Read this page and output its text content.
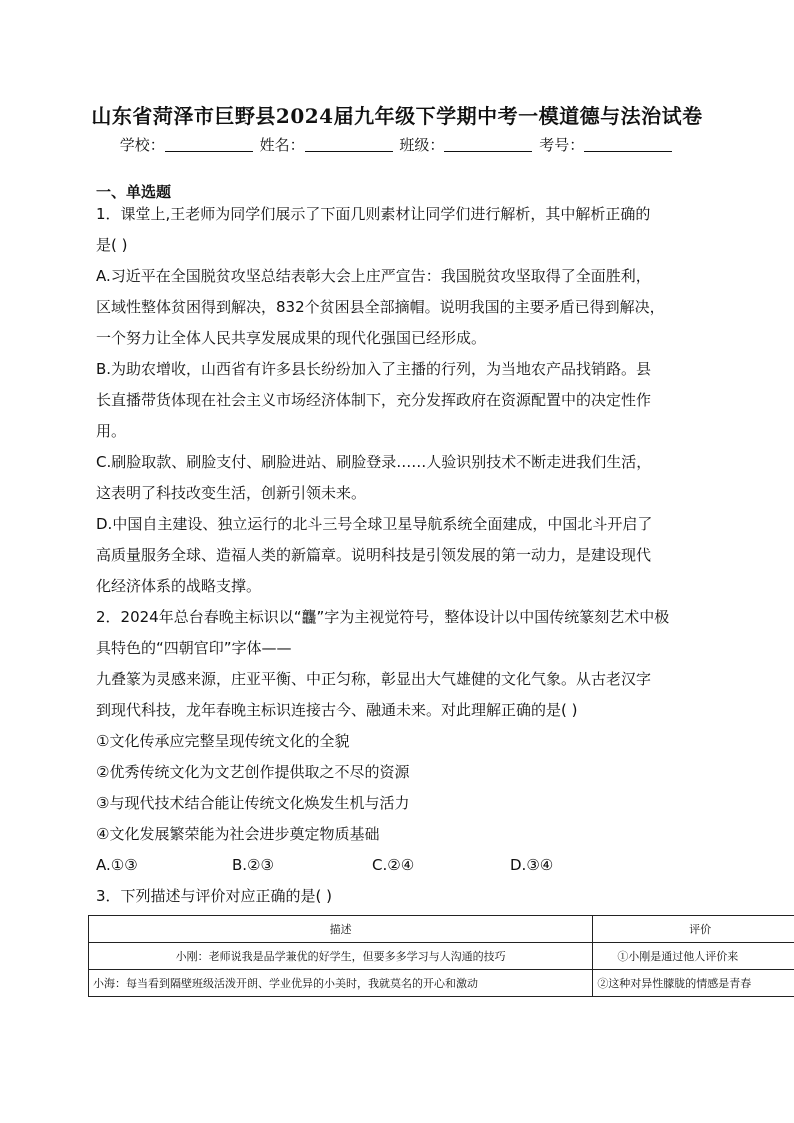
山东省菏泽市巨野县2024届九年级下学期中考一模道德与法治试卷
学校：	姓名：	班级：	考号：
一、单选题
1．课堂上,王老师为同学们展示了下面几则素材让同学们进行解析，其中解析正确的
是( )
A.习近平在全国脱贫攻坚总结表彰大会上庄严宣告：我国脱贫攻坚取得了全面胜利，
区域性整体贫困得到解决，832个贫困县全部摘帽。说明我国的主要矛盾已得到解决，
一个努力让全体人民共享发展成果的现代化强国已经形成。
B.为助农增收，山西省有许多县长纷纷加入了主播的行列，为当地农产品找销路。县
长直播带货体现在社会主义市场经济体制下，充分发挥政府在资源配置中的决定性作
用。
C.刷脸取款、刷脸支付、刷脸进站、刷脸登录……人验识别技术不断走进我们生活，
这表明了科技改变生活，创新引领未来。
D.中国自主建设、独立运行的北斗三号全球卫星导航系统全面建成，中国北斗开启了
高质量服务全球、造福人类的新篇章。说明科技是引领发展的第一动力，是建设现代
化经济体系的战略支撑。
2．2024年总台春晚主标识以“龘”字为主视觉符号，整体设计以中国传统篆刻艺术中极
具特色的“四朝官印”字体——
九叠篆为灵感来源，庄亚平衡、中正匀称，彰显出大气雄健的文化气象。从古老汉字
到现代科技，龙年春晚主标识连接古今、融通未来。对此理解正确的是( )
①文化传承应完整呈现传统文化的全貌
②优秀传统文化为文艺创作提供取之不尽的资源
③与现代技术结合能让传统文化焕发生机与活力
④文化发展繁荣能为社会进步奠定物质基础
A.①③	B.②③	C.②④	D.③④
3．下列描述与评价对应正确的是( )
描述	评价
小刚：老师说我是品学兼优的好学生，但要多多学习与人沟通的技巧	①小刚是通过他人评价来
小海：每当看到隔壁班级活泼开朗、学业优异的小美时，我就莫名的开心和激动	②这种对异性朦胧的情感是青春
